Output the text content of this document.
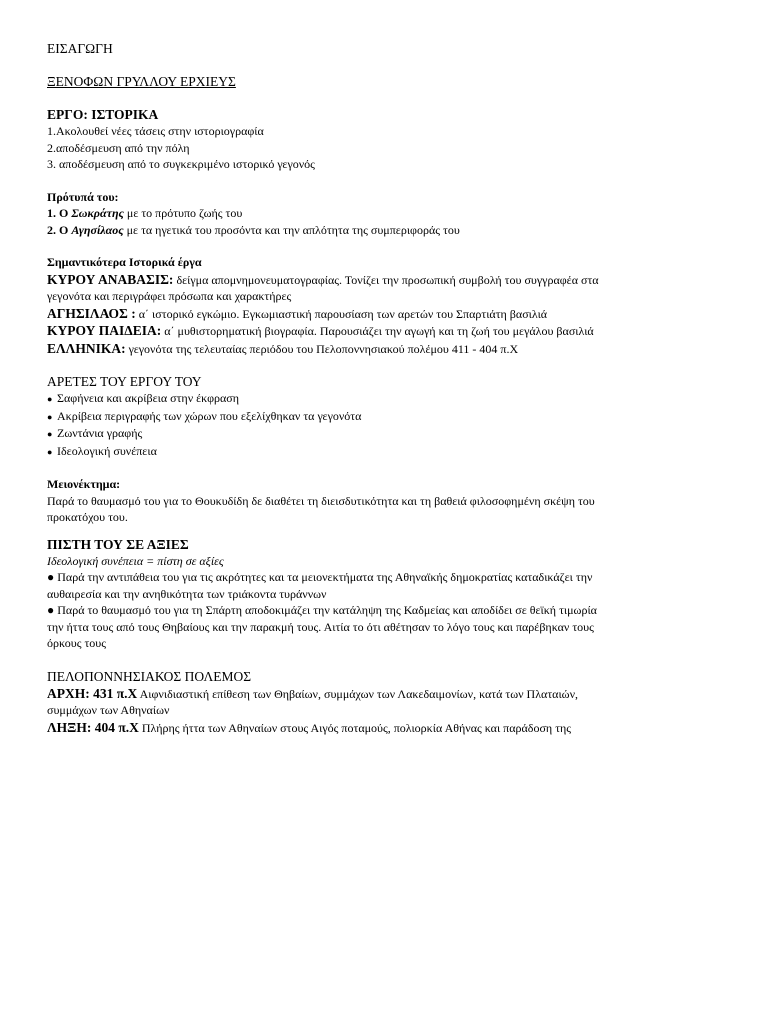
ΕΙΣΑΓΩΓΗ
ΞΕΝΟΦΩΝ ΓΡΥΛΛΟΥ ΕΡΧΙΕΥΣ
ΕΡΓΟ: ΙΣΤΟΡΙΚΑ
1.Ακολουθεί νέες τάσεις στην ιστοριογραφία
2.αποδέσμευση από την πόλη
3. αποδέσμευση από το συγκεκριμένο ιστορικό γεγονός
Πρότυπά του:
1. Ο Σωκράτης με το πρότυπο ζωής του
2. Ο Αγησίλαος με τα ηγετικά του προσόντα και την απλότητα της συμπεριφοράς του
Σημαντικότερα Ιστορικά έργα
ΚΥΡΟΥ ΑΝΑΒΑΣΙΣ: δείγμα απομνημονευματογραφίας. Τονίζει την προσωπική συμβολή του συγγραφέα στα
γεγονότα και περιγράφει πρόσωπα και χαρακτήρες
ΑΓΗΣΙΛΑΟΣ : α΄ ιστορικό εγκώμιο. Εγκωμιαστική παρουσίαση των αρετών του Σπαρτιάτη βασιλιά
ΚΥΡΟΥ ΠΑΙΔΕΙΑ: α΄ μυθιστορηματική βιογραφία. Παρουσιάζει την αγωγή και τη ζωή του μεγάλου βασιλιά
ΕΛΛΗΝΙΚΑ: γεγονότα της τελευταίας περιόδου του Πελοποννησιακού πολέμου 411 - 404 π.Χ
ΑΡΕΤΕΣ ΤΟΥ ΕΡΓΟΥ ΤΟΥ
● Σαφήνεια και ακρίβεια στην έκφραση
● Ακρίβεια περιγραφής των χώρων που εξελίχθηκαν τα γεγονότα
● Ζωντάνια γραφής
● Ιδεολογική συνέπεια
Μειονέκτημα:
Παρά το θαυμασμό του για το Θουκυδίδη δε διαθέτει τη διεισδυτικότητα και τη βαθειά φιλοσοφημένη σκέψη του
προκατόχου του.
ΠΙΣΤΗ ΤΟΥ ΣΕ ΑΞΙΕΣ
Ιδεολογική συνέπεια = πίστη σε αξίες
● Παρά την αντιπάθεια του για τις ακρότητες και τα μειονεκτήματα της Αθηναϊκής δημοκρατίας καταδικάζει την
αυθαιρεσία και την ανηθικότητα των τριάκοντα τυράννων
● Παρά το θαυμασμό του για τη Σπάρτη αποδοκιμάζει την κατάληψη της Καδμείας και αποδίδει σε θεϊκή τιμωρία
την ήττα τους από τους Θηβαίους και την παρακμή τους. Αιτία το ότι αθέτησαν το λόγο τους και παρέβηκαν τους
όρκους τους
ΠΕΛΟΠΟΝΝΗΣΙΑΚΟΣ ΠΟΛΕΜΟΣ
ΑΡΧΗ: 431 π.Χ Αιφνιδιαστική επίθεση των Θηβαίων, συμμάχων των Λακεδαιμονίων, κατά των Πλαταιών,
συμμάχων των Αθηναίων
ΛΗΞΗ: 404 π.Χ Πλήρης ήττα των Αθηναίων στους Αιγός ποταμούς, πολιορκία Αθήνας και παράδοση της
